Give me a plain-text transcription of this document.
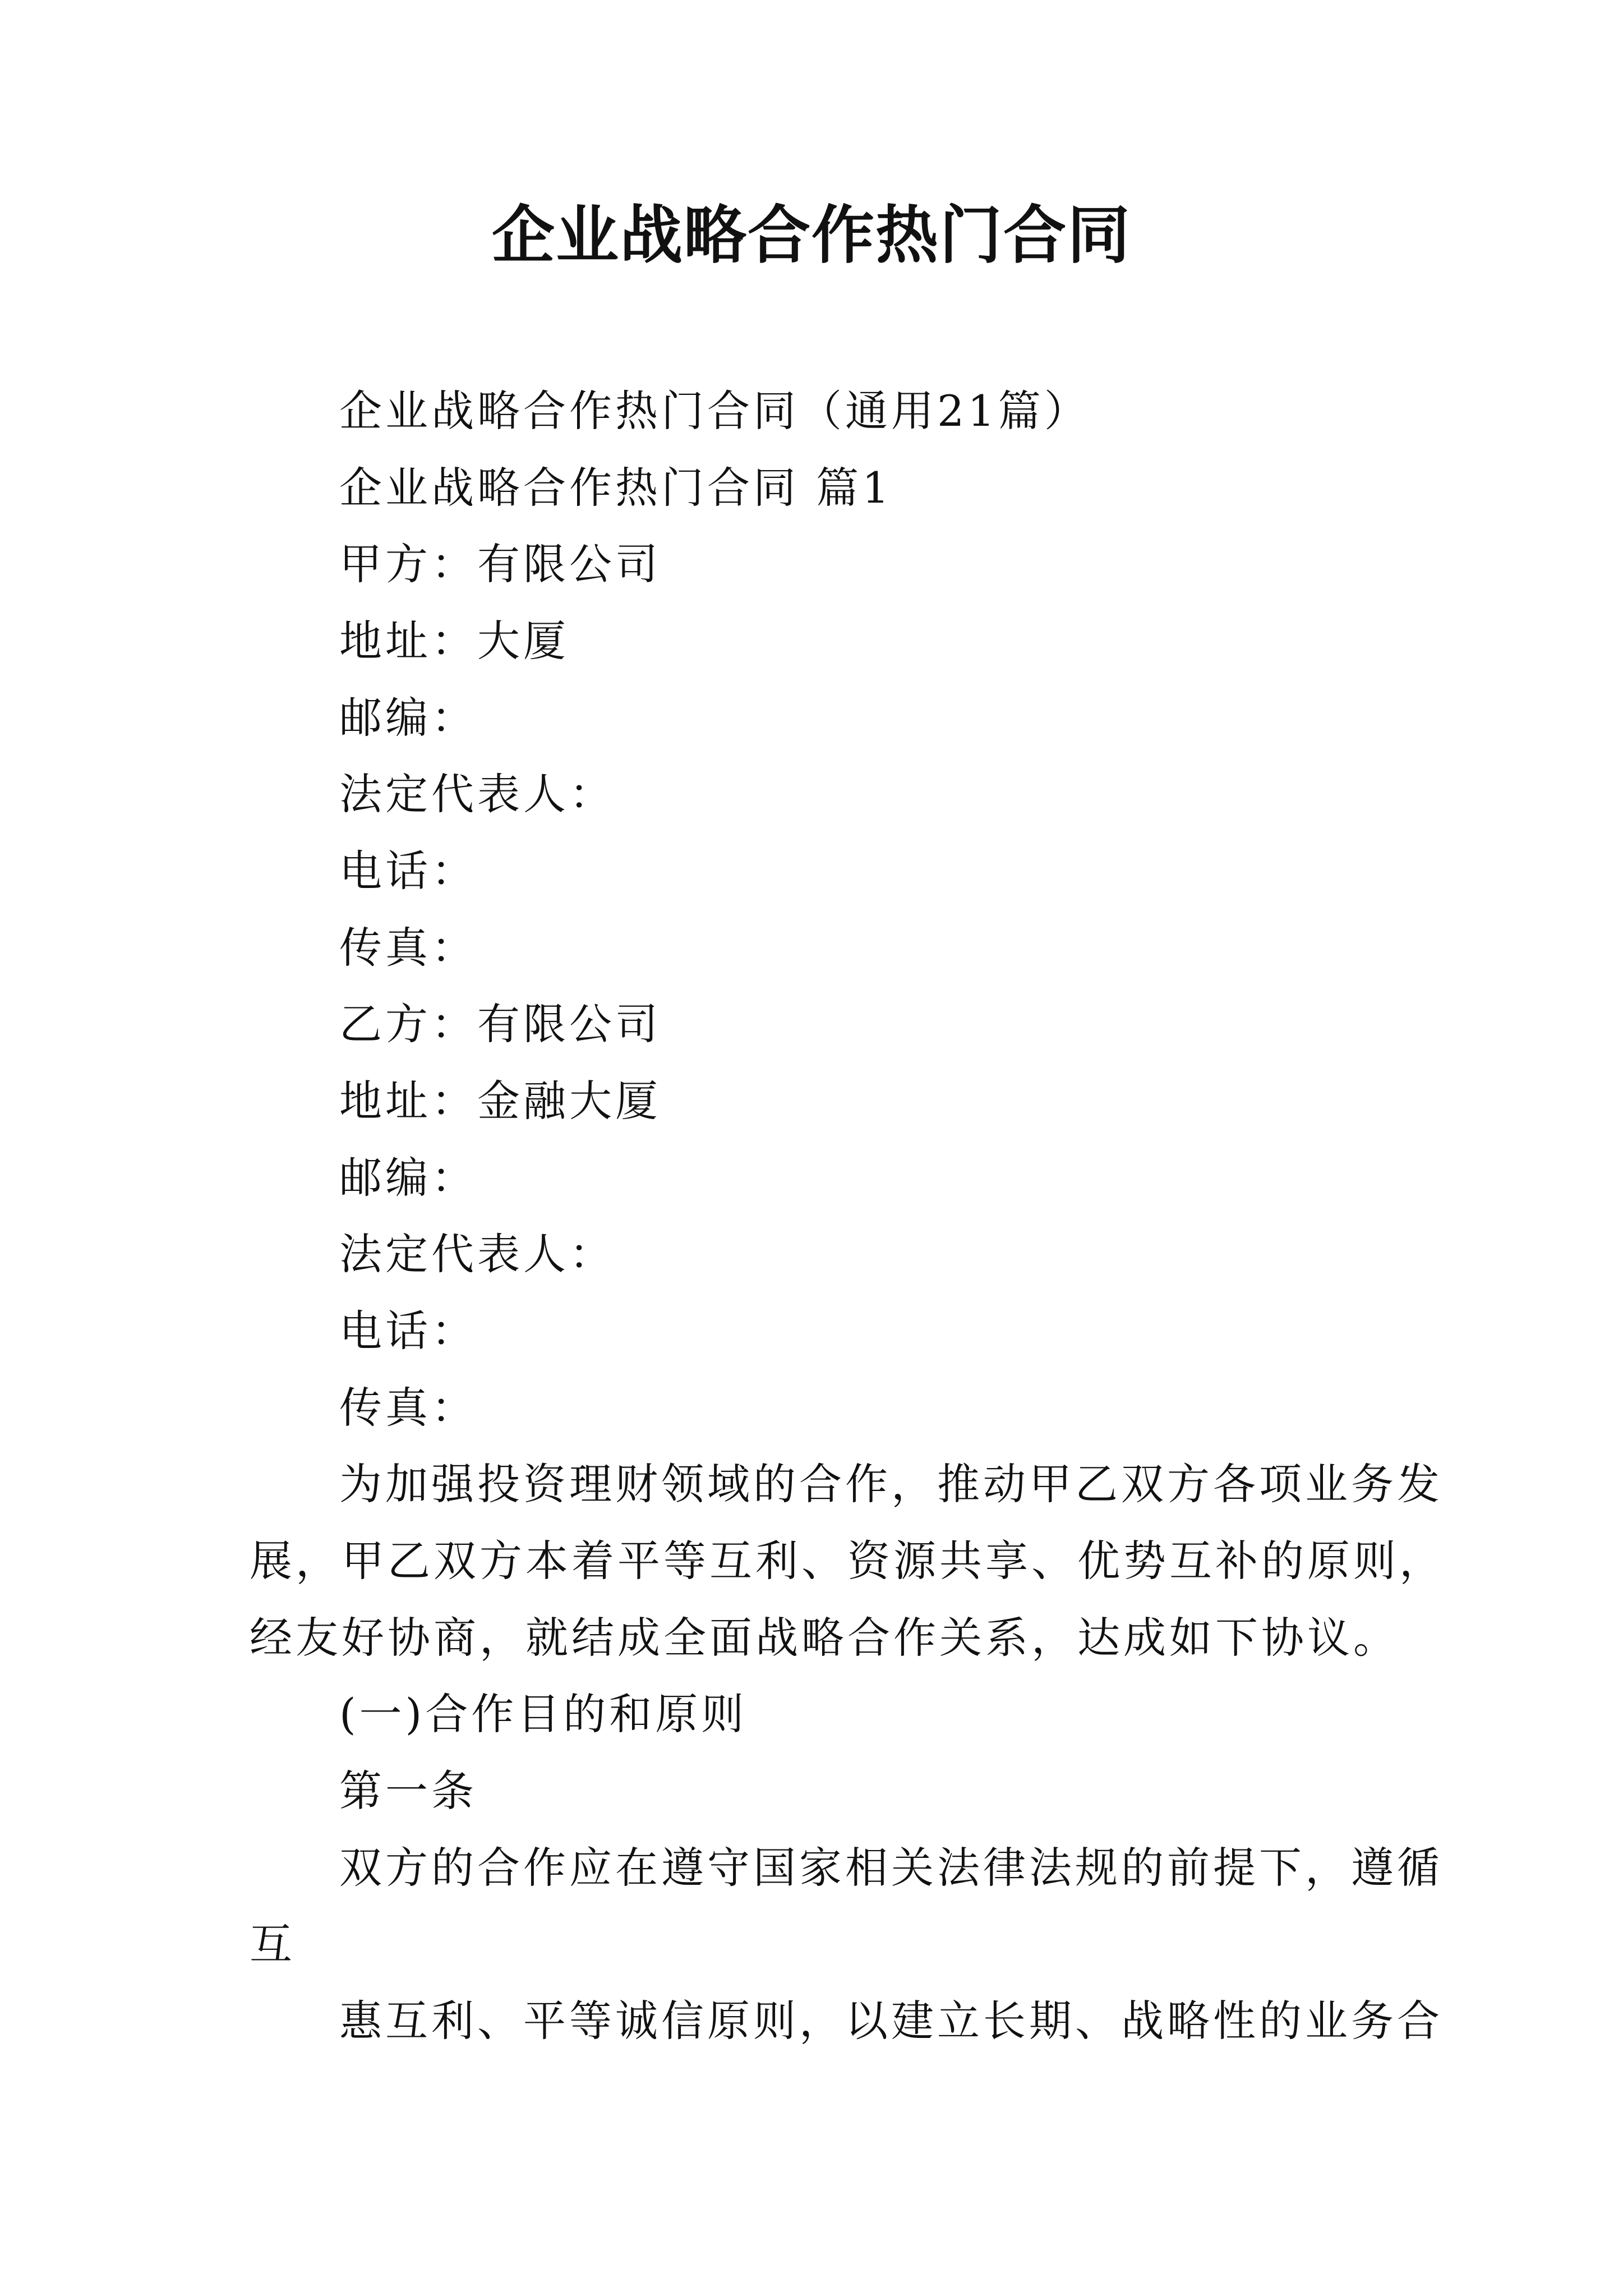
企业战略合作热门合同

企业战略合作热门合同（通用21篇）

企业战略合作热门合同 篇1

甲方：有限公司

地址：大厦

邮编：

法定代表人：

电话：

传真：

乙方：有限公司

地址：金融大厦

邮编：

法定代表人：

电话：

传真：

为加强投资理财领域的合作，推动甲乙双方各项业务发

展，甲乙双方本着平等互利、资源共享、优势互补的原则，

经友好协商，就结成全面战略合作关系，达成如下协议。

(一)合作目的和原则

第一条

双方的合作应在遵守国家相关法律法规的前提下，遵循

互

惠互利、平等诚信原则，以建立长期、战略性的业务合
